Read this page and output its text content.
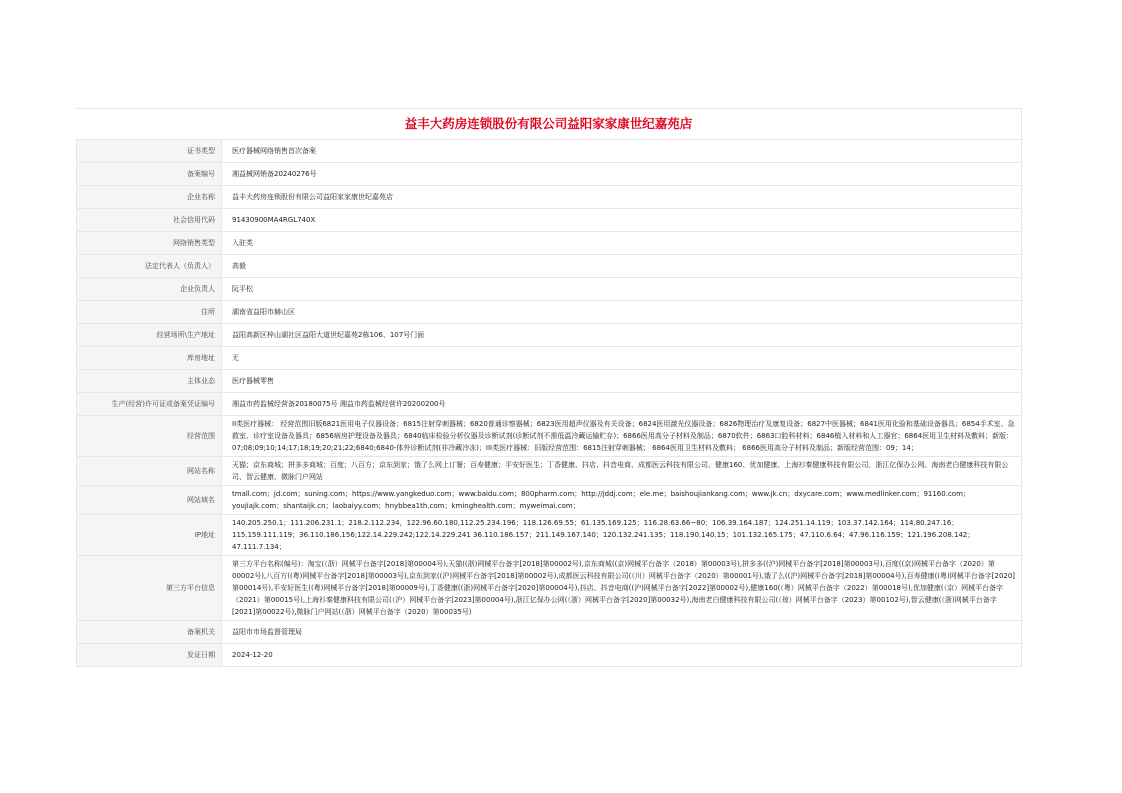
益丰大药房连锁股份有限公司益阳家家康世纪嘉苑店
证书类型	医疗器械网络销售首次备案
备案编号	湘益械网销备20240276号
企业名称	益丰大药房连锁股份有限公司益阳家家康世纪嘉苑店
社会信用代码	91430900MA4RGL740X
网络销售类型	入驻类
法定代表人（负责人）	高毅
企业负责人	阮平松
住所	湖南省益阳市赫山区
经营场所\生产地址	益阳高新区梓山湖社区益阳大道世纪嘉苑2栋106、107号门面
库房地址	无
主体业态	医疗器械零售
生产(经营)许可证或备案凭证编号	湘益市药监械经营备20180075号 湘益市药监械经营许20200200号
经营范围	II类医疗器械： 经营范围旧版6821医用电子仪器设备；6815注射穿刺器械；6820普通诊察器械；6823医用超声仪器及有关设备；6824医用激光仪器设备；6826物理治疗及康复设备；6827中医器械；6841医用化验和基础设备器具；6854手术室、急救室、诊疗室设备及器具；6856病房护理设备及器具；6840临床检验分析仪器及诊断试剂(诊断试剂不需低温冷藏运输贮存)；6866医用高分子材料及制品；6870软件；6863口腔科材料；6846植入材料和人工器官；6864医用卫生材料及敷料；新版：07;08;09;10;14;17;18;19;20;21;22;6840;6840-体外诊断试剂(非冷藏冷冻)；III类医疗器械：旧版经营范围：6815注射穿刺器械； 6864医用卫生材料及敷料； 6866医用高分子材料及制品；新版经营范围：09；14；
网站名称	天猫；京东商城；拼多多商城；百度；八百方；京东到家；饿了么网上订餐；百寿健康；平安好医生；丁香健康、抖店、抖音电商、成都医云科技有限公司、健康160、优加健康、上海衫秦健康科技有限公司、浙江亿保办公网、海南老白健康科技有限公司、智云健康、微脉门户网站
网站域名	tmall.com；jd.com；suning.com；https://www.yangkeduo.com；www.baidu.com；800pharm.com；http://jddj.com；ele.me；baishoujiankang.com；www.jk.cn；dxycare.com；www.medlinker.com；91160.com；youjiajk.com；shantaijk.cn；laobaiyy.com；hnybbea1th.com；kminghealth.com；myweimai.com；
IP地址	140.205.250.1；111.206.231.1；218.2.112.234，122.96.60.180,112.25.234.196；118.126.69.55；61.135.169.125；116.28.63.66~80；106.39.164.187；124.251.14.119；103.37.142.164；114.80.247.16；115.159.111.119；36.110.186.156;122.14.229.242;122.14.229.241 36.110.186.157；211.149.167.140；120.132.241.135；118.190.140.15；101.132.165.175；47.110.6.64；47.96.116.159；121.196.208.142；47.111.7.134；
第三方平台信息	第三方平台名称(编号)：淘宝(（浙）网械平台备字[2018]第00004号),天猫((浙)网械平台备字[2018]第00002号),京东商城((京)网械平台备字（2018）第00003号),拼多多((沪)网械平台备字[2018]第00003号),百度((京)网械平台备字（2020）第00002号),八百方((粤)网械平台备字[2018]第00003号),京东到家((沪)网械平台备字[2018]第00002号),成都医云科技有限公司(（川）网械平台备字（2020）第00001号),饿了么((沪)网械平台备字[2018]第00004号),百寿健康((粤)网械平台备字[2020]第00014号),平安好医生((粤)网械平台备字[2018]第00009号),丁香健康((浙)网械平台备字[2020]第00004号),抖店、抖音电商((沪)网械平台备字[2022]第00002号),健康160(（粤）网械平台备字（2022）第00018号),优加健康(（京）网械平台备字（2021）第00015号),上海衫秦健康科技有限公司(（沪）网械平台备字[2023]第00004号),浙江亿保办公网(（浙）网械平台备字[2020]第00032号),海南老白健康科技有限公司(（琼）网械平台备字（2023）第00102号),智云健康(（浙)网械平台备字[2021]第00022号),微脉门户网站(（浙）网械平台备字（2020）第00035号)
备案机关	益阳市市场监督管理局
发证日期	2024-12-20
